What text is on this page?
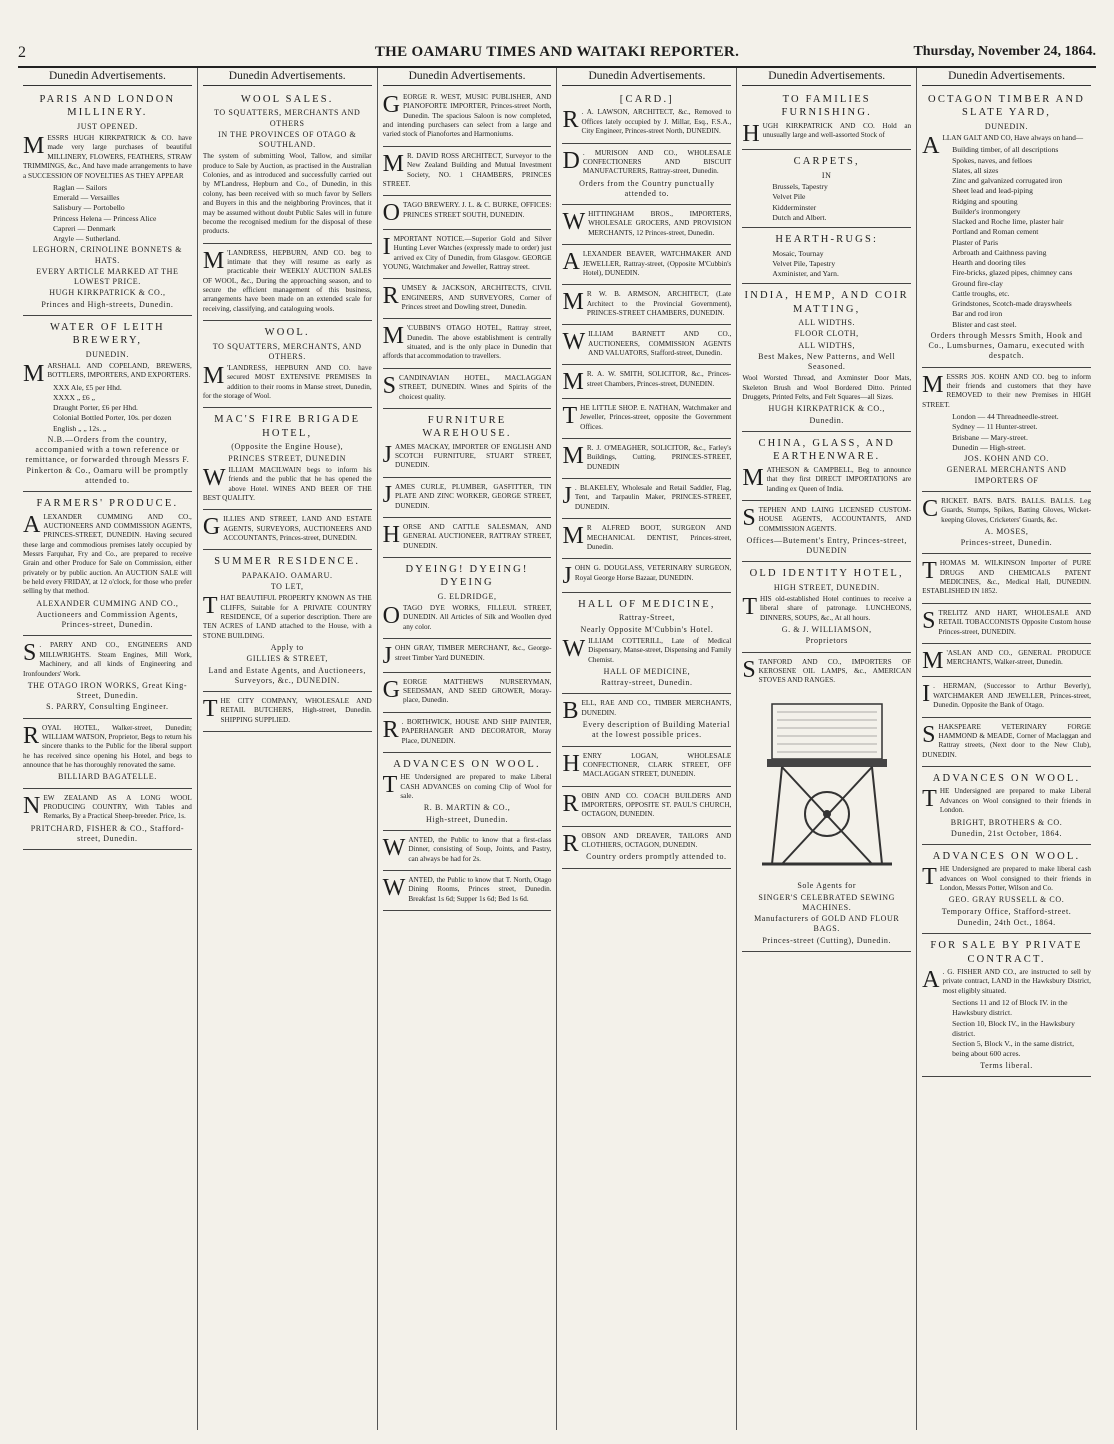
2	THE OAMARU TIMES AND WAITAKI REPORTER.	Thursday, November 24, 1864.
Dunedin Advertisements.
PARIS AND LONDON MILLINERY.
JUST OPENED.
MESSRS HUGH KIRKPATRICK & CO. have made very large purchases of beautiful MILLINERY, FLOWERS, FEATHERS, STRAW TRIMMINGS, &c., And have made arrangements to have a SUCCESSION OF NOVELTIES AS THEY APPEAR
Raglan — Sailors
Emerald — Versailles
Salisbury — Portobello
Princess Helena — Princess Alice
Capreri — Denmark
Argyle — Sutherland.
LEGHORN, CRINOLINE BONNETS & HATS.
EVERY ARTICLE MARKED AT THE LOWEST PRICE.
HUGH KIRKPATRICK & CO.,
Princes and High-streets, Dunedin.
WATER OF LEITH BREWERY,
DUNEDIN.
MARSHALL AND COPELAND, BREWERS, BOTTLERS, IMPORTERS, AND EXPORTERS.
XXX Ale, £5 per Hhd.
XXXX „ £6 „
Draught Porter, £6 per Hhd.
Colonial Bottled Porter, 10s. per dozen
English „ „ 12s. „
N.B.—Orders from the country, accompanied with a town reference or remittance, or forwarded through Messrs F. Pinkerton & Co., Oamaru will be promptly attended to.
FARMERS' PRODUCE.
ALEXANDER CUMMING AND CO., AUCTIONEERS AND COMMISSION AGENTS, PRINCES-STREET, DUNEDIN. Having secured these large and commodious premises lately occupied by Messrs Farquhar, Fry and Co., are prepared to receive Grain and other Produce for Sale on Commission, either privately or by public auction. An AUCTION SALE will be held every FRIDAY, at 12 o'clock, for those who prefer selling by that method.
ALEXANDER CUMMING AND CO.,
Auctioneers and Commission Agents, Princes-street, Dunedin.
S . PARRY AND CO., ENGINEERS AND MILLWRIGHTS. Steam Engines, Mill Work, Machinery, and all kinds of Engineering and Ironfounders' Work.
THE OTAGO IRON WORKS, Great King-Street, Dunedin.
S. PARRY, Consulting Engineer.
ROYAL HOTEL, Walker-street, Dunedin; WILLIAM WATSON, Proprietor, Begs to return his sincere thanks to the Public for the liberal support he has received since opening his Hotel, and begs to announce that he has thoroughly renovated the same.
BILLIARD BAGATELLE.
NEW ZEALAND AS A LONG WOOL PRODUCING COUNTRY, With Tables and Remarks, By a Practical Sheep-breeder. Price, 1s.
PRITCHARD, FISHER & CO., Stafford-street, Dunedin.
Dunedin Advertisements.
WOOL SALES.
TO SQUATTERS, MERCHANTS AND OTHERS
IN THE PROVINCES OF OTAGO & SOUTHLAND.
The system of submitting Wool, Tallow, and similar produce to Sale by Auction, as practised in the Australian Colonies, and as introduced and successfully carried out by M'Landress, Hepburn and Co., of Dunedin, in this colony, has been received with so much favor by Sellers and Buyers in this and the neighboring Provinces, that it may be assumed without doubt Public Sales will in future become the recognised medium for the disposal of these products.
M 'LANDRESS, HEPBURN, AND CO. beg to intimate that they will resume as early as practicable their WEEKLY AUCTION SALES OF WOOL, &c., During the approaching season, and to secure the efficient management of this business, arrangements have been made on an extended scale for receiving, classifying, and cataloguing wools.
WOOL.
TO SQUATTERS, MERCHANTS, AND OTHERS.
M 'LANDRESS, HEPBURN AND CO. have secured MOST EXTENSIVE PREMISES In addition to their rooms in Manse street, Dunedin, for the storage of Wool.
MAC'S FIRE BRIGADE HOTEL,
(Opposite the Engine House),
PRINCES STREET, DUNEDIN
WILLIAM MACILWAIN begs to inform his friends and the public that he has opened the above Hotel. WINES AND BEER OF THE BEST QUALITY.
GILLIES AND STREET, LAND AND ESTATE AGENTS, SURVEYORS, AUCTIONEERS AND ACCOUNTANTS, Princes-street, DUNEDIN.
SUMMER RESIDENCE.
PAPAKAIO. OAMARU.
TO LET,
THAT BEAUTIFUL PROPERTY KNOWN AS THE CLIFFS, Suitable for A PRIVATE COUNTRY RESIDENCE, Of a superior description. There are TEN ACRES of LAND attached to the House, with a STONE BUILDING.
Apply to
GILLIES & STREET,
Land and Estate Agents, and Auctioneers, Surveyors, &c., DUNEDIN.
THE CITY COMPANY, WHOLESALE AND RETAIL BUTCHERS, High-street, Dunedin. SHIPPING SUPPLIED.
Dunedin Advertisements.
GEORGE R. WEST, MUSIC PUBLISHER, AND PIANOFORTE IMPORTER, Princes-street North, Dunedin. The spacious Saloon is now completed, and intending purchasers can select from a large and varied stock of Pianofortes and Harmoniums.
M R. DAVID ROSS ARCHITECT, Surveyor to the New Zealand Building and Mutual Investment Society, NO. 1 CHAMBERS, PRINCES STREET.
OTAGO BREWERY. J. L. & C. BURKE, OFFICES: PRINCES STREET SOUTH, DUNEDIN.
IMPORTANT NOTICE.—Superior Gold and Silver Hunting Lever Watches (expressly made to order) just arrived ex City of Dunedin, from Glasgow. GEORGE YOUNG, Watchmaker and Jeweller, Rattray street.
RUMSEY & JACKSON, ARCHITECTS, CIVIL ENGINEERS, AND SURVEYORS, Corner of Princes street and Dowling street, Dunedin.
M 'CUBBIN'S OTAGO HOTEL, Rattray street, Dunedin. The above establishment is centrally situated, and is the only place in Dunedin that affords that accommodation to travellers.
SCANDINAVIAN HOTEL, MACLAGGAN STREET, DUNEDIN. Wines and Spirits of the choicest quality.
FURNITURE WAREHOUSE.
JAMES MACKAY, IMPORTER OF ENGLISH AND SCOTCH FURNITURE, STUART STREET, DUNEDIN.
JAMES CURLE, PLUMBER, GASFITTER, TIN PLATE AND ZINC WORKER, GEORGE STREET, DUNEDIN.
HORSE AND CATTLE SALESMAN, AND GENERAL AUCTIONEER, RATTRAY STREET, DUNEDIN.
DYEING! DYEING! DYEING
G. ELDRIDGE,
OTAGO DYE WORKS, FILLEUL STREET, DUNEDIN. All Articles of Silk and Woollen dyed any color.
JOHN GRAY, TIMBER MERCHANT, &c., George-street Timber Yard DUNEDIN.
GEORGE MATTHEWS NURSERYMAN, SEEDSMAN, AND SEED GROWER, Moray-place, Dunedin.
R . BORTHWICK, HOUSE AND SHIP PAINTER, PAPERHANGER AND DECORATOR, Moray Place, DUNEDIN.
ADVANCES ON WOOL.
THE Undersigned are prepared to make Liberal CASH ADVANCES on coming Clip of Wool for sale.
R. B. MARTIN & CO.,
High-street, Dunedin.
WANTED, the Public to know that a first-class Dinner, consisting of Soup, Joints, and Pastry, can always be had for 2s.
WANTED, the Public to know that T. North, Otago Dining Rooms, Princes street, Dunedin. Breakfast 1s 6d; Supper 1s 6d; Bed 1s 6d.
Dunedin Advertisements.
[CARD.]
R . A. LAWSON, ARCHITECT, &c., Removed to Offices lately occupied by J. Millar, Esq., F.S.A., City Engineer, Princes-street North, DUNEDIN.
D . MURISON AND CO., WHOLESALE CONFECTIONERS AND BISCUIT MANUFACTURERS, Rattray-street, Dunedin.
Orders from the Country punctually attended to.
WHITTINGHAM BROS., IMPORTERS, WHOLESALE GROCERS, AND PROVISION MERCHANTS, 12 Princes-street, Dunedin.
ALEXANDER BEAVER, WATCHMAKER AND JEWELLER, Rattray-street, (Opposite M'Cubbin's Hotel), DUNEDIN.
M R W. B. ARMSON, ARCHITECT, (Late Architect to the Provincial Government), PRINCES-STREET CHAMBERS, DUNEDIN.
WILLIAM BARNETT AND CO., AUCTIONEERS, COMMISSION AGENTS AND VALUATORS, Stafford-street, Dunedin.
M R. A. W. SMITH, SOLICITOR, &c., Princes-street Chambers, Princes-street, DUNEDIN.
THE LITTLE SHOP. E. NATHAN, Watchmaker and Jeweller, Princes-street, opposite the Government Offices.
M R. J. O'MEAGHER, SOLICITOR, &c., Farley's Buildings, Cutting, PRINCES-STREET, DUNEDIN
J . BLAKELEY, Wholesale and Retail Saddler, Flag, Tent, and Tarpaulin Maker, PRINCES-STREET, DUNEDIN.
M R ALFRED BOOT, SURGEON AND MECHANICAL DENTIST, Princes-street, Dunedin.
JOHN G. DOUGLASS, VETERINARY SURGEON, Royal George Horse Bazaar, DUNEDIN.
HALL OF MEDICINE,
Rattray-Street,
Nearly Opposite M'Cubbin's Hotel.
WILLIAM COTTERILL, Late of Medical Dispensary, Manse-street, Dispensing and Family Chemist.
HALL OF MEDICINE,
Rattray-street, Dunedin.
BELL, RAE AND CO., TIMBER MERCHANTS, DUNEDIN.
Every description of Building Material at the lowest possible prices.
HENRY LOGAN, WHOLESALE CONFECTIONER, CLARK STREET, OFF MACLAGGAN STREET, DUNEDIN.
ROBIN AND CO. COACH BUILDERS AND IMPORTERS, OPPOSITE ST. PAUL'S CHURCH, OCTAGON, DUNEDIN.
ROBSON AND DREAVER, TAILORS AND CLOTHIERS, OCTAGON, DUNEDIN.
Country orders promptly attended to.
Dunedin Advertisements.
TO FAMILIES FURNISHING.
HUGH KIRKPATRICK AND CO. Hold an unusually large and well-assorted Stock of
CARPETS,
IN
Brussels, Tapestry
Velvet Pile
Kidderminster
Dutch and Albert.
HEARTH-RUGS:
Mosaic, Tournay
Velvet Pile, Tapestry
Axminister, and Yarn.
INDIA, HEMP, AND COIR MATTING,
ALL WIDTHS.
FLOOR CLOTH,
ALL WIDTHS,
Best Makes, New Patterns, and Well Seasoned.
Wool Worsted Thread, and Axminster Door Mats, Skeleton Brush and Wool Bordered Ditto. Printed Druggets, Printed Felts, and Felt Squares—all Sizes.
HUGH KIRKPATRICK & CO.,
Dunedin.
CHINA, GLASS, AND EARTHENWARE.
MATHESON & CAMPBELL, Beg to announce that they first DIRECT IMPORTATIONS are landing ex Queen of India.
STEPHEN AND LAING LICENSED CUSTOM-HOUSE AGENTS, ACCOUNTANTS, AND COMMISSION AGENTS.
Offices—Butement's Entry, Princes-street, DUNEDIN
OLD IDENTITY HOTEL,
HIGH STREET, DUNEDIN.
THIS old-established Hotel continues to receive a liberal share of patronage. LUNCHEONS, DINNERS, SOUPS, &c., At all hours.
G. & J. WILLIAMSON,
Proprietors
STANFORD AND CO., IMPORTERS OF KEROSENE OIL LAMPS, &c., AMERICAN STOVES AND RANGES.
Sole Agents for
SINGER'S CELEBRATED SEWING MACHINES.
Manufacturers of GOLD AND FLOUR BAGS.
Princes-street (Cutting), Dunedin.
Dunedin Advertisements.
OCTAGON TIMBER AND SLATE YARD,
DUNEDIN.
ALLAN GALT AND CO, Have always on hand—
Building timber, of all descriptions
Spokes, naves, and felloes
Slates, all sizes
Zinc and galvanized corrugated iron
Sheet lead and lead-piping
Ridging and spouting
Builder's ironmongery
Slacked and Roche lime, plaster hair
Portland and Roman cement
Plaster of Paris
Arbroath and Caithness paving
Hearth and dooring tiles
Fire-bricks, glazed pipes, chimney cans
Ground fire-clay
Cattle troughs, etc.
Grindstones, Scotch-made drayswheels
Bar and rod iron
Blister and cast steel.
Orders through Messrs Smith, Hook and Co., Lumsburnes, Oamaru, executed with despatch.
MESSRS JOS. KOHN AND CO. beg to inform their friends and customers that they have REMOVED to their new Premises in HIGH STREET.
London — 44 Threadneedle-street.
Sydney — 11 Hunter-street.
Brisbane — Mary-street.
Dunedin — High-street.
JOS. KOHN AND CO.
GENERAL MERCHANTS AND IMPORTERS OF
CRICKET. BATS. BATS. BALLS. BALLS. Leg Guards, Stumps, Spikes, Batting Gloves, Wicket-keeping Gloves, Cricketers' Guards, &c.
A. MOSES,
Princes-street, Dunedin.
THOMAS M. WILKINSON Importer of PURE DRUGS AND CHEMICALS PATENT MEDICINES, &c., Medical Hall, DUNEDIN. ESTABLISHED IN 1852.
STRELITZ AND HART, WHOLESALE AND RETAIL TOBACCONISTS Opposite Custom house Princes-street, DUNEDIN.
M 'ASLAN AND CO., GENERAL PRODUCE MERCHANTS, Walker-street, Dunedin.
I . HERMAN, (Successor to Arthur Beverly), WATCHMAKER AND JEWELLER, Princes-street, Dunedin. Opposite the Bank of Otago.
SHAKSPEARE VETERINARY FORGE HAMMOND & MEADE, Corner of Maclaggan and Rattray streets, (Next door to the New Club), DUNEDIN.
ADVANCES ON WOOL.
THE Undersigned are prepared to make Liberal Advances on Wool consigned to their friends in London.
BRIGHT, BROTHERS & CO.
Dunedin, 21st October, 1864.
ADVANCES ON WOOL.
THE Undersigned are prepared to make liberal cash advances on Wool consigned to their friends in London, Messrs Potter, Wilson and Co.
GEO. GRAY RUSSELL & CO.
Temporary Office, Stafford-street.
Dunedin, 24th Oct., 1864.
FOR SALE BY PRIVATE CONTRACT.
A . G. FISHER AND CO., are instructed to sell by private contract, LAND in the Hawksbury District, most eligibly situated.
Sections 11 and 12 of Block IV. in the Hawksbury district.
Section 10, Block IV., in the Hawksbury district.
Section 5, Block V., in the same district, being about 600 acres.
Terms liberal.
